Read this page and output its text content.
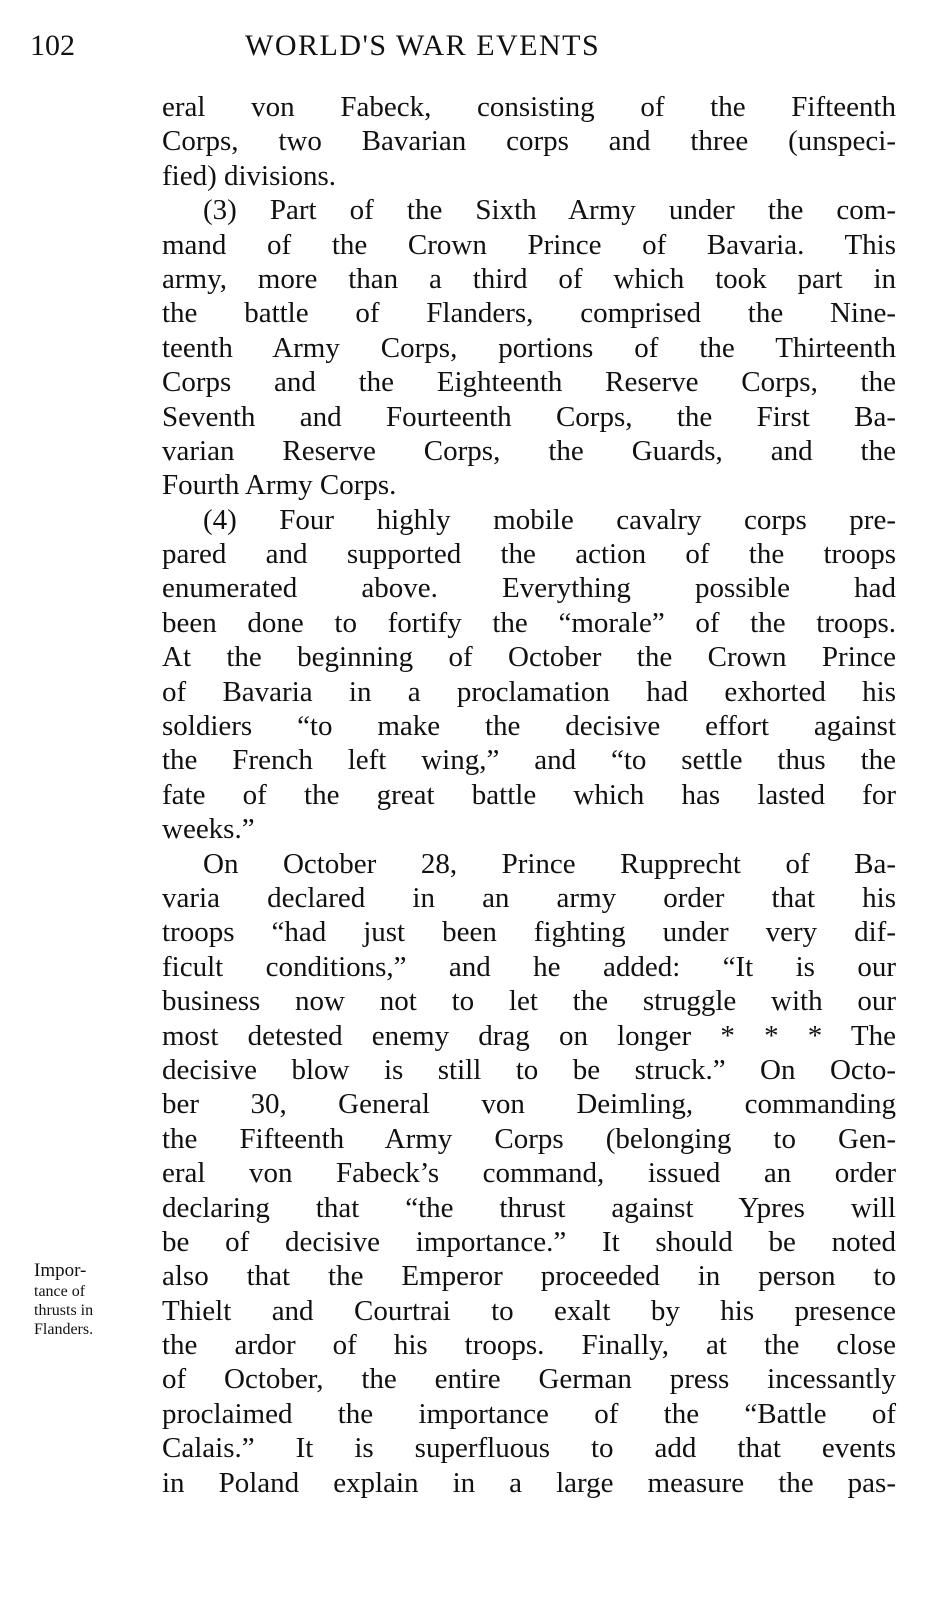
102	WORLD'S WAR EVENTS
eral von Fabeck, consisting of the Fifteenth
Corps, two Bavarian corps and three (unspeci-
fied) divisions.
(3) Part of the Sixth Army under the com-
mand of the Crown Prince of Bavaria. This
army, more than a third of which took part in
the battle of Flanders, comprised the Nine-
teenth Army Corps, portions of the Thirteenth
Corps and the Eighteenth Reserve Corps, the
Seventh and Fourteenth Corps, the First Ba-
varian Reserve Corps, the Guards, and the
Fourth Army Corps.
(4) Four highly mobile cavalry corps pre-
pared and supported the action of the troops
enumerated above. Everything possible had
been done to fortify the “morale” of the troops.
At the beginning of October the Crown Prince
of Bavaria in a proclamation had exhorted his
soldiers “to make the decisive effort against
the French left wing,” and “to settle thus the
fate of the great battle which has lasted for
weeks.”
On October 28, Prince Rupprecht of Ba-
varia declared in an army order that his
troops “had just been fighting under very dif-
ficult conditions,” and he added: “It is our
business now not to let the struggle with our
most detested enemy drag on longer * * * The
decisive blow is still to be struck.” On Octo-
ber 30, General von Deimling, commanding
the Fifteenth Army Corps (belonging to Gen-
eral von Fabeck’s command, issued an order
declaring that “the thrust against Ypres will
be of decisive importance.” It should be noted
also that the Emperor proceeded in person to
Thielt and Courtrai to exalt by his presence
the ardor of his troops. Finally, at the close
of October, the entire German press incessantly
proclaimed the importance of the “Battle of
Calais.” It is superfluous to add that events
in Poland explain in a large measure the pas-
Impor-
tance of
thrusts in
Flanders.
